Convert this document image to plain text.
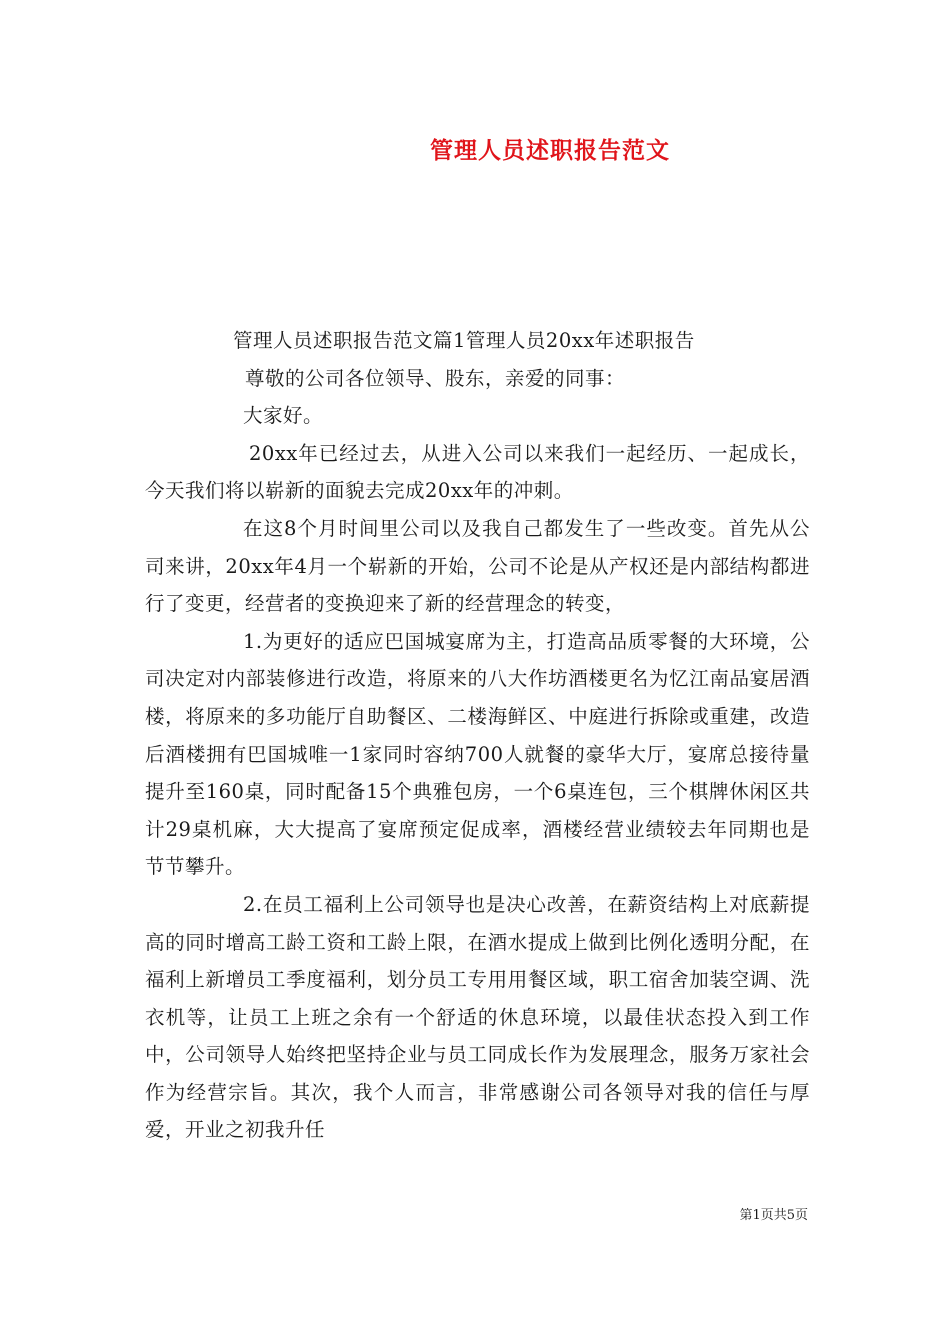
管理人员述职报告范文

管理人员述职报告范文篇1管理人员20xx年述职报告

尊敬的公司各位领导、股东，亲爱的同事：

大家好。

20xx年已经过去，从进入公司以来我们一起经历、一起成长，今天我们将以崭新的面貌去完成20xx年的冲刺。

在这8个月时间里公司以及我自己都发生了一些改变。首先从公司来讲，20xx年4月一个崭新的开始，公司不论是从产权还是内部结构都进行了变更，经营者的变换迎来了新的经营理念的转变，

1.为更好的适应巴国城宴席为主，打造高品质零餐的大环境，公司决定对内部装修进行改造，将原来的八大作坊酒楼更名为忆江南品宴居酒楼，将原来的多功能厅自助餐区、二楼海鲜区、中庭进行拆除或重建，改造后酒楼拥有巴国城唯一1家同时容纳700人就餐的豪华大厅，宴席总接待量提升至160桌，同时配备15个典雅包房，一个6桌连包，三个棋牌休闲区共计29桌机麻，大大提高了宴席预定促成率，酒楼经营业绩较去年同期也是节节攀升。

2.在员工福利上公司领导也是决心改善，在薪资结构上对底薪提高的同时增高工龄工资和工龄上限，在酒水提成上做到比例化透明分配，在福利上新增员工季度福利，划分员工专用用餐区域，职工宿舍加装空调、洗衣机等，让员工上班之余有一个舒适的休息环境，以最佳状态投入到工作中，公司领导人始终把坚持企业与员工同成长作为发展理念，服务万家社会作为经营宗旨。其次，我个人而言，非常感谢公司各领导对我的信任与厚爱，开业之初我升任

第1页共5页
